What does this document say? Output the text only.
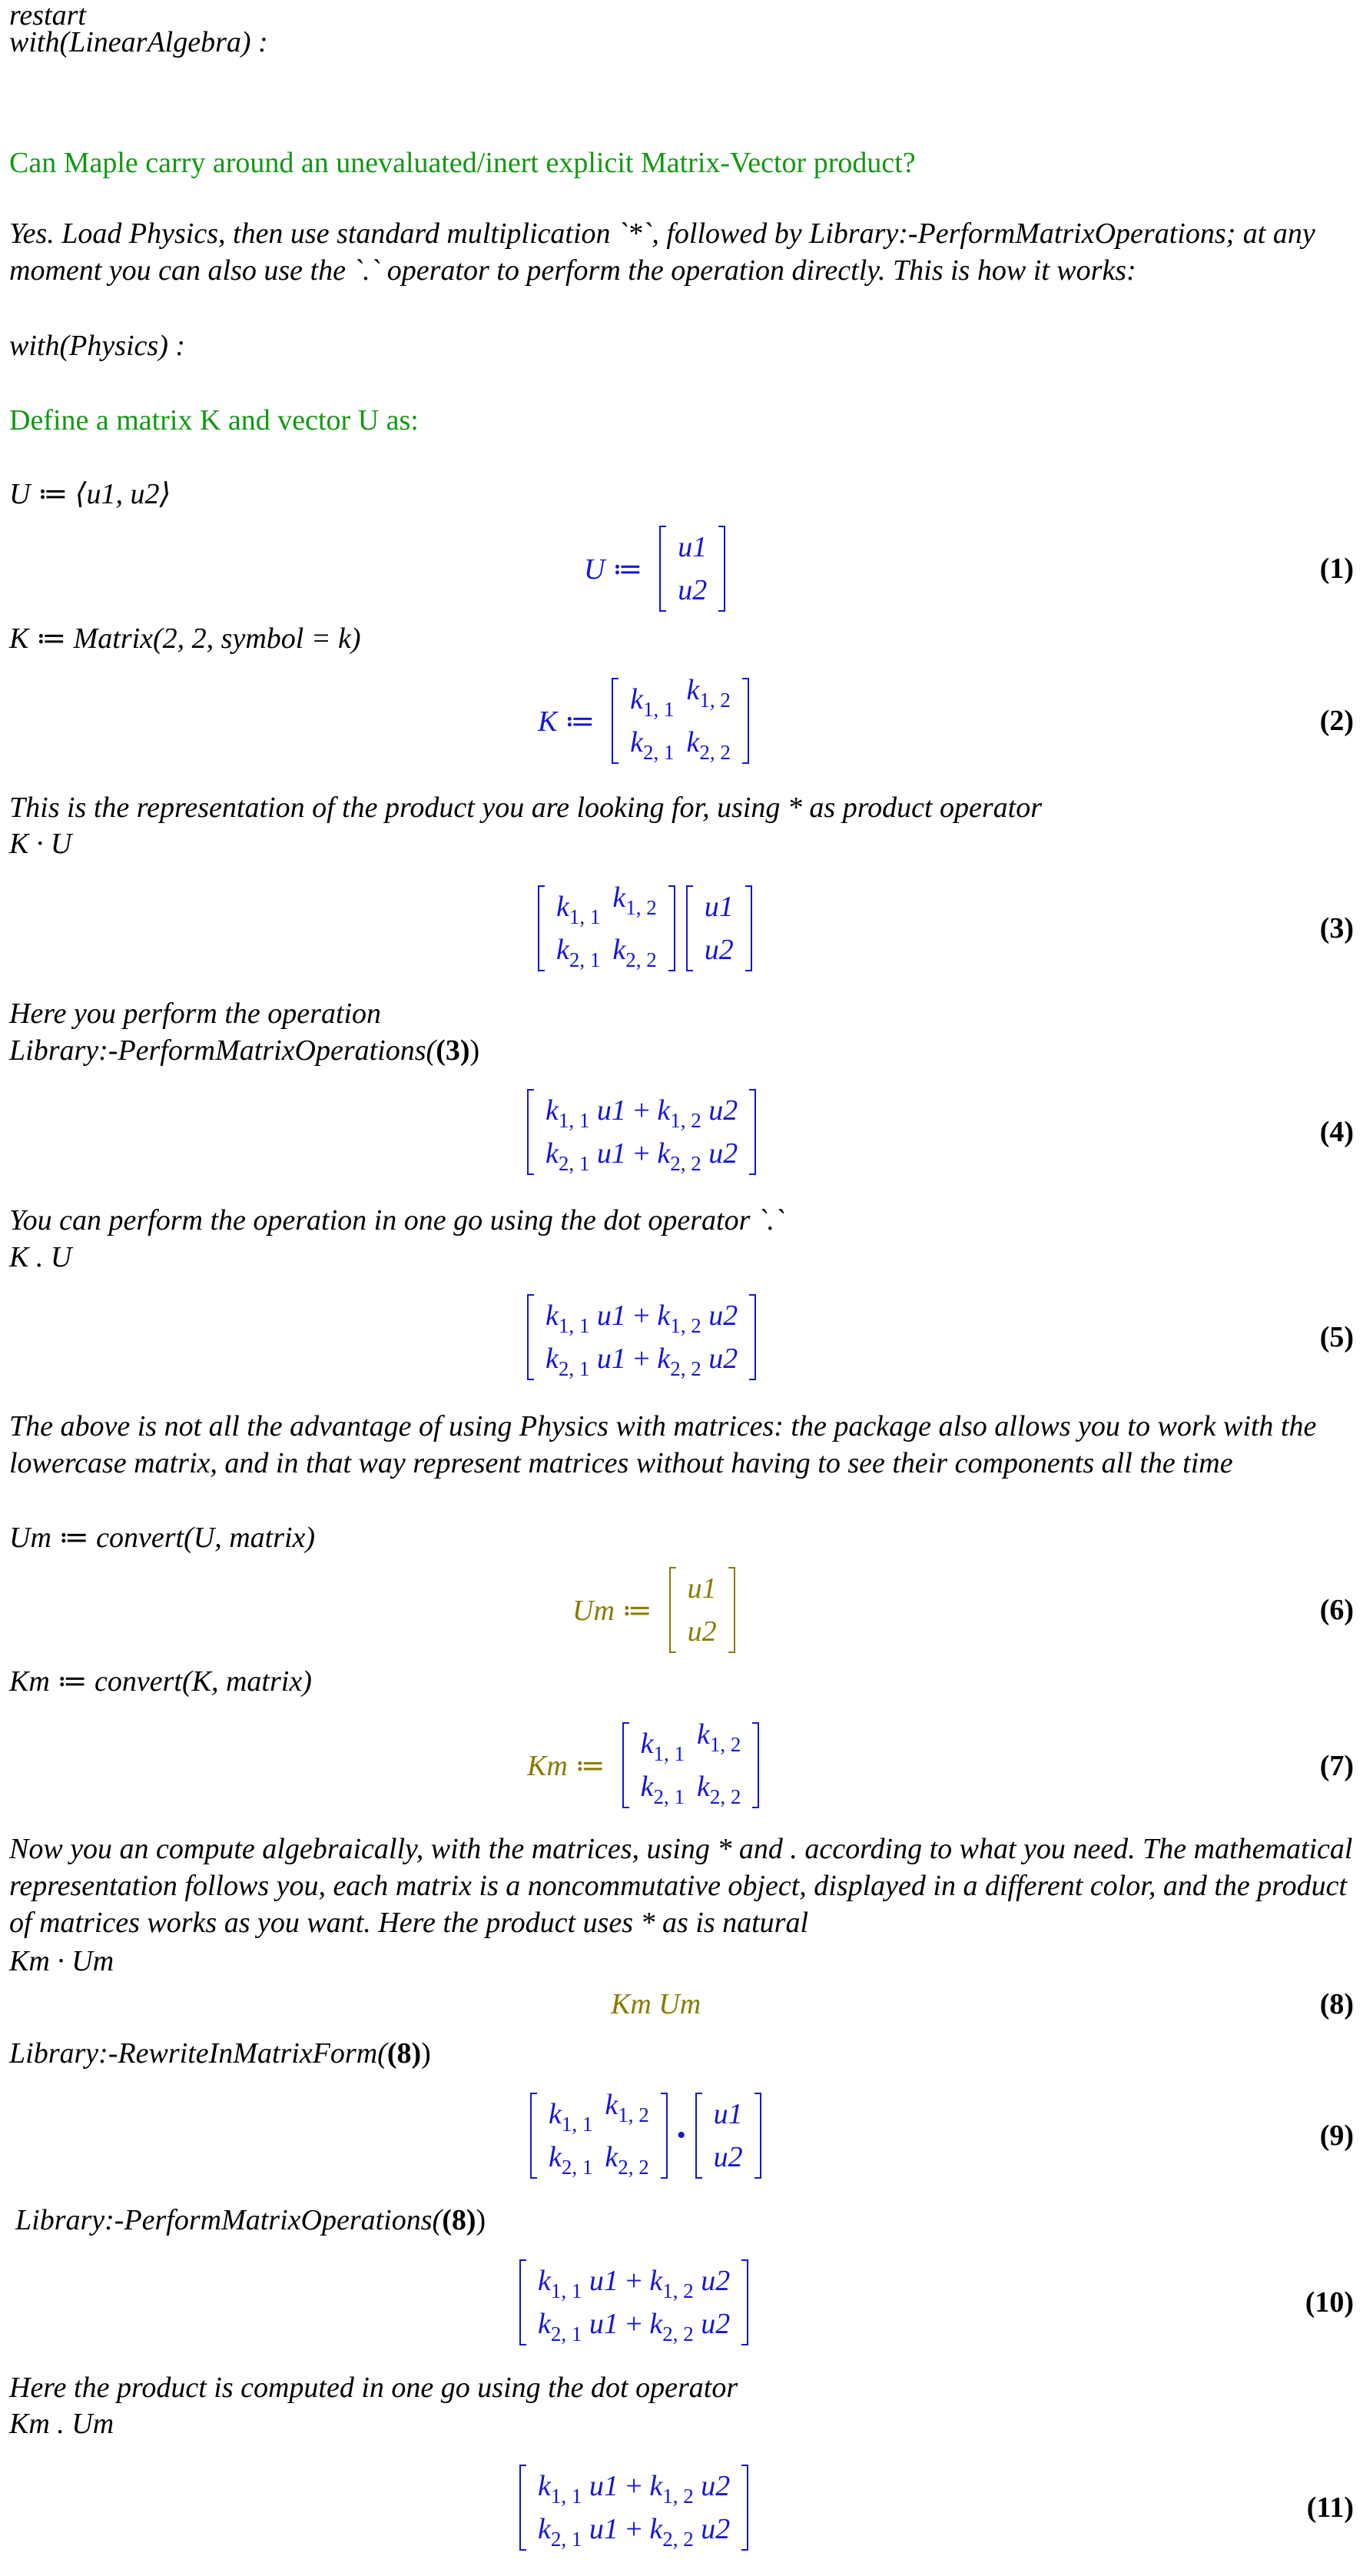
restart
with(LinearAlgebra) :
Can Maple carry around an unevaluated/inert explicit Matrix-Vector product?
Yes. Load Physics, then use standard multiplication `*`, followed by Library:-PerformMatrixOperations; at any moment you can also use the `.` operator to perform the operation directly. This is how it works:
with(Physics) :
Define a matrix K and vector U as:
U ≔ ⟨u1, u2⟩
U ≔
u1
u2
(1)
K ≔ Matrix(2, 2, symbol = k)
K ≔
$k_{1, 1}$	$k_{1, 2}$
$k_{2, 1}$	$k_{2, 2}$
(2)
This is the representation of the product you are looking for, using * as product operator
K · U
$k_{1, 1}$	$k_{1, 2}$
$k_{2, 1}$	$k_{2, 2}$
u1
u2
(3)
Here you perform the operation
Library:-PerformMatrixOperations((3))
$k_{1, 1}$ $u1 + k_{1, 2}$ u2
$k_{2, 1}$ $u1 + k_{2, 2}$ u2
(4)
You can perform the operation in one go using the dot operator `.`
K . U
$k_{1, 1}$ $u1 + k_{1, 2}$ u2
$k_{2, 1}$ $u1 + k_{2, 2}$ u2
(5)
The above is not all the advantage of using Physics with matrices: the package also allows you to work with the lowercase matrix, and in that way represent matrices without having to see their components all the time
Um ≔ convert(U, matrix)
Um ≔
u1
u2
(6)
Km ≔ convert(K, matrix)
Km ≔
$k_{1, 1}$	$k_{1, 2}$
$k_{2, 1}$	$k_{2, 2}$
(7)
Now you an compute algebraically, with the matrices, using * and . according to what you need. The mathematical representation follows you, each matrix is a noncommutative object, displayed in a different color, and the product of matrices works as you want. Here the product uses * as is natural
Km · Um
Km Um	(8)
Library:-RewriteInMatrixForm((8))
$k_{1, 1}$	$k_{1, 2}$
$k_{2, 1}$	$k_{2, 2}$
•
u1
u2
(9)
Library:-PerformMatrixOperations((8))
$k_{1, 1}$ $u1 + k_{1, 2}$ u2
$k_{2, 1}$ $u1 + k_{2, 2}$ u2
(10)
Here the product is computed in one go using the dot operator
Km . Um
$k_{1, 1}$ $u1 + k_{1, 2}$ u2
$k_{2, 1}$ $u1 + k_{2, 2}$ u2
(11)
